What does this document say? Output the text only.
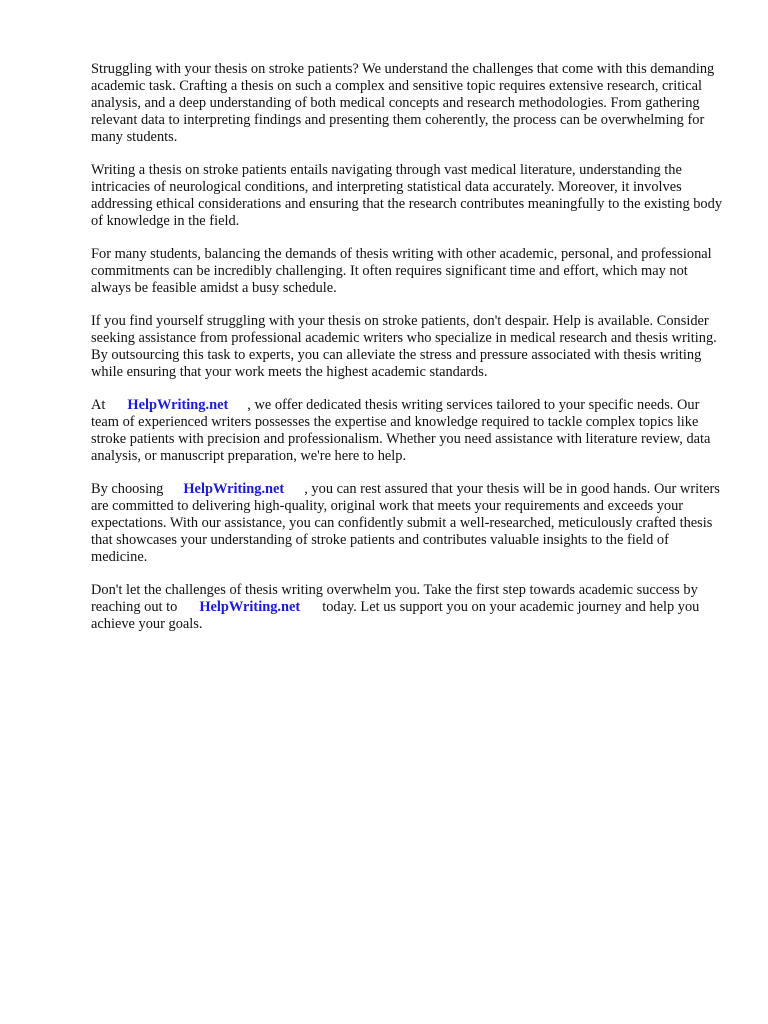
Struggling with your thesis on stroke patients? We understand the challenges that come with this demanding academic task. Crafting a thesis on such a complex and sensitive topic requires extensive research, critical analysis, and a deep understanding of both medical concepts and research methodologies. From gathering relevant data to interpreting findings and presenting them coherently, the process can be overwhelming for many students.

Writing a thesis on stroke patients entails navigating through vast medical literature, understanding the intricacies of neurological conditions, and interpreting statistical data accurately. Moreover, it involves addressing ethical considerations and ensuring that the research contributes meaningfully to the existing body of knowledge in the field.

For many students, balancing the demands of thesis writing with other academic, personal, and professional commitments can be incredibly challenging. It often requires significant time and effort, which may not always be feasible amidst a busy schedule.

If you find yourself struggling with your thesis on stroke patients, don't despair. Help is available. Consider seeking assistance from professional academic writers who specialize in medical research and thesis writing. By outsourcing this task to experts, you can alleviate the stress and pressure associated with thesis writing while ensuring that your work meets the highest academic standards.

At HelpWriting.net , we offer dedicated thesis writing services tailored to your specific needs. Our team of experienced writers possesses the expertise and knowledge required to tackle complex topics like stroke patients with precision and professionalism. Whether you need assistance with literature review, data analysis, or manuscript preparation, we're here to help.

By choosing HelpWriting.net , you can rest assured that your thesis will be in good hands. Our writers are committed to delivering high-quality, original work that meets your requirements and exceeds your expectations. With our assistance, you can confidently submit a well-researched, meticulously crafted thesis that showcases your understanding of stroke patients and contributes valuable insights to the field of medicine.

Don't let the challenges of thesis writing overwhelm you. Take the first step towards academic success by reaching out to HelpWriting.net today. Let us support you on your academic journey and help you achieve your goals.
